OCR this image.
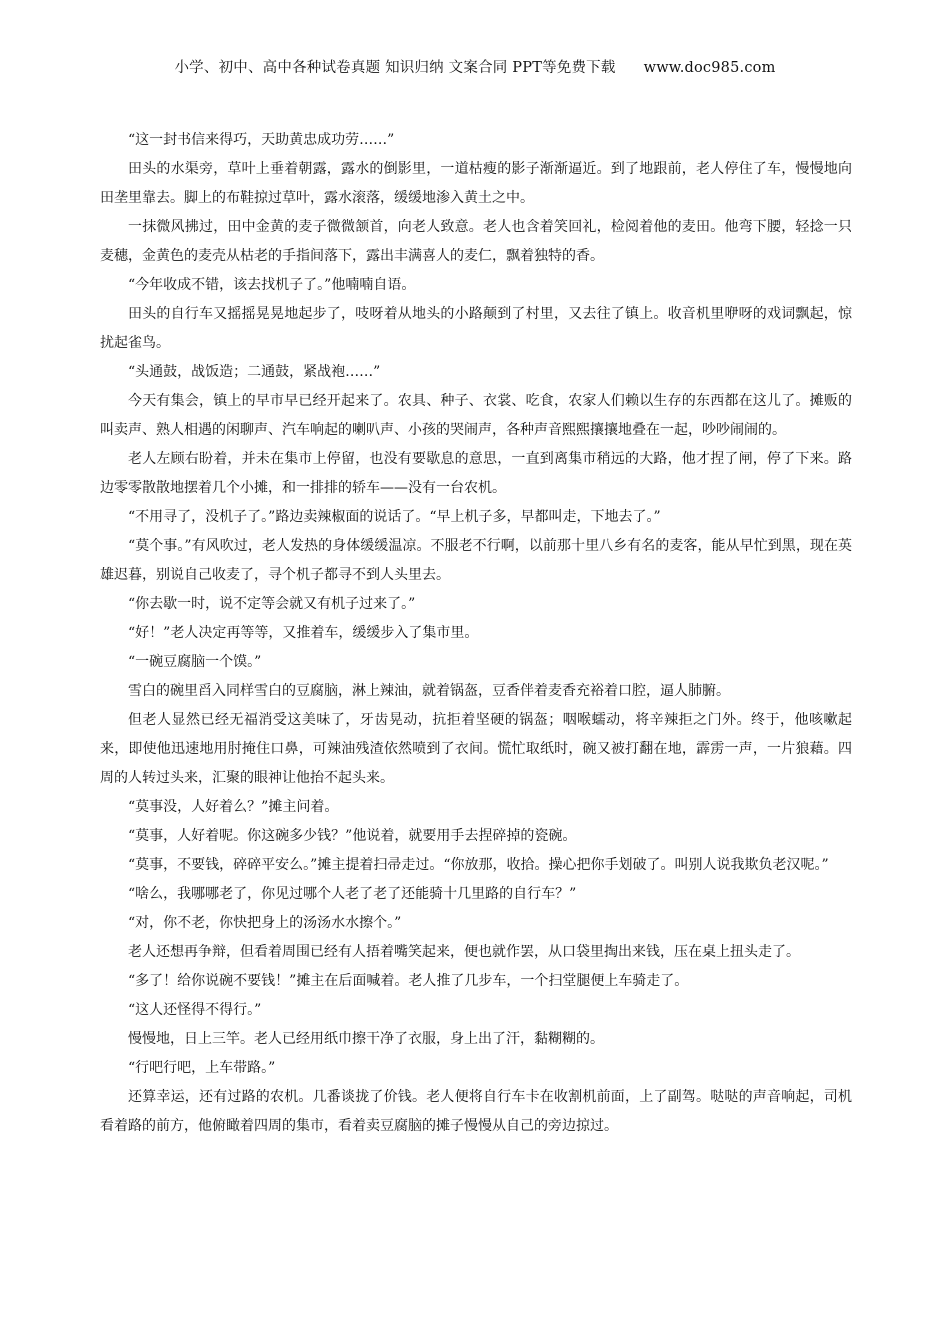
小学、初中、高中各种试卷真题 知识归纳 文案合同 PPT等免费下载 www.doc985.com

“这一封书信来得巧，天助黄忠成功劳……”

田头的水渠旁，草叶上垂着朝露，露水的倒影里，一道枯瘦的影子渐渐逼近。到了地跟前，老人停住了车，慢慢地向田垄里靠去。脚上的布鞋掠过草叶，露水滚落，缓缓地渗入黄土之中。

一抹微风拂过，田中金黄的麦子微微颔首，向老人致意。老人也含着笑回礼，检阅着他的麦田。他弯下腰，轻捻一只麦穗，金黄色的麦壳从枯老的手指间落下，露出丰满喜人的麦仁，飘着独特的香。

“今年收成不错，该去找机子了。”他喃喃自语。

田头的自行车又摇摇晃晃地起步了，吱呀着从地头的小路颠到了村里，又去往了镇上。收音机里咿呀的戏词飘起，惊扰起雀鸟。

“头通鼓，战饭造；二通鼓，紧战袍……”

今天有集会，镇上的早市早已经开起来了。农具、种子、衣裳、吃食，农家人们赖以生存的东西都在这儿了。摊贩的叫卖声、熟人相遇的闲聊声、汽车响起的喇叭声、小孩的哭闹声，各种声音熙熙攘攘地叠在一起，吵吵闹闹的。

老人左顾右盼着，并未在集市上停留，也没有要歇息的意思，一直到离集市稍远的大路，他才捏了闸，停了下来。路边零零散散地摆着几个小摊，和一排排的轿车——没有一台农机。

“不用寻了，没机子了。”路边卖辣椒面的说话了。“早上机子多，早都叫走，下地去了。”

“莫个事。”有风吹过，老人发热的身体缓缓温凉。不服老不行啊，以前那十里八乡有名的麦客，能从早忙到黑，现在英雄迟暮，别说自己收麦了，寻个机子都寻不到人头里去。

“你去歇一时，说不定等会就又有机子过来了。”

“好！”老人决定再等等，又推着车，缓缓步入了集市里。

“一碗豆腐脑一个馍。”

雪白的碗里舀入同样雪白的豆腐脑，淋上辣油，就着锅盔，豆香伴着麦香充裕着口腔，逼人肺腑。

但老人显然已经无福消受这美味了，牙齿晃动，抗拒着坚硬的锅盔；咽喉蠕动，将辛辣拒之门外。终于，他咳嗽起来，即使他迅速地用肘掩住口鼻，可辣油残渣依然喷到了衣间。慌忙取纸时，碗又被打翻在地，霹雳一声，一片狼藉。四周的人转过头来，汇聚的眼神让他抬不起头来。

“莫事没，人好着么？”摊主问着。

“莫事，人好着呢。你这碗多少钱？”他说着，就要用手去捏碎掉的瓷碗。

“莫事，不要钱，碎碎平安么。”摊主提着扫帚走过。“你放那，收拾。操心把你手划破了。叫别人说我欺负老汉呢。”

“啥么，我哪哪老了，你见过哪个人老了老了还能骑十几里路的自行车？”

“对，你不老，你快把身上的汤汤水水擦个。”

老人还想再争辩，但看着周围已经有人捂着嘴笑起来，便也就作罢，从口袋里掏出来钱，压在桌上扭头走了。

“多了！给你说碗不要钱！”摊主在后面喊着。老人推了几步车，一个扫堂腿便上车骑走了。

“这人还怪得不得行。”

慢慢地，日上三竿。老人已经用纸巾擦干净了衣服，身上出了汗，黏糊糊的。

“行吧行吧，上车带路。”

还算幸运，还有过路的农机。几番谈拢了价钱。老人便将自行车卡在收割机前面，上了副驾。哒哒的声音响起，司机看着路的前方，他俯瞰着四周的集市，看着卖豆腐脑的摊子慢慢从自己的旁边掠过。
